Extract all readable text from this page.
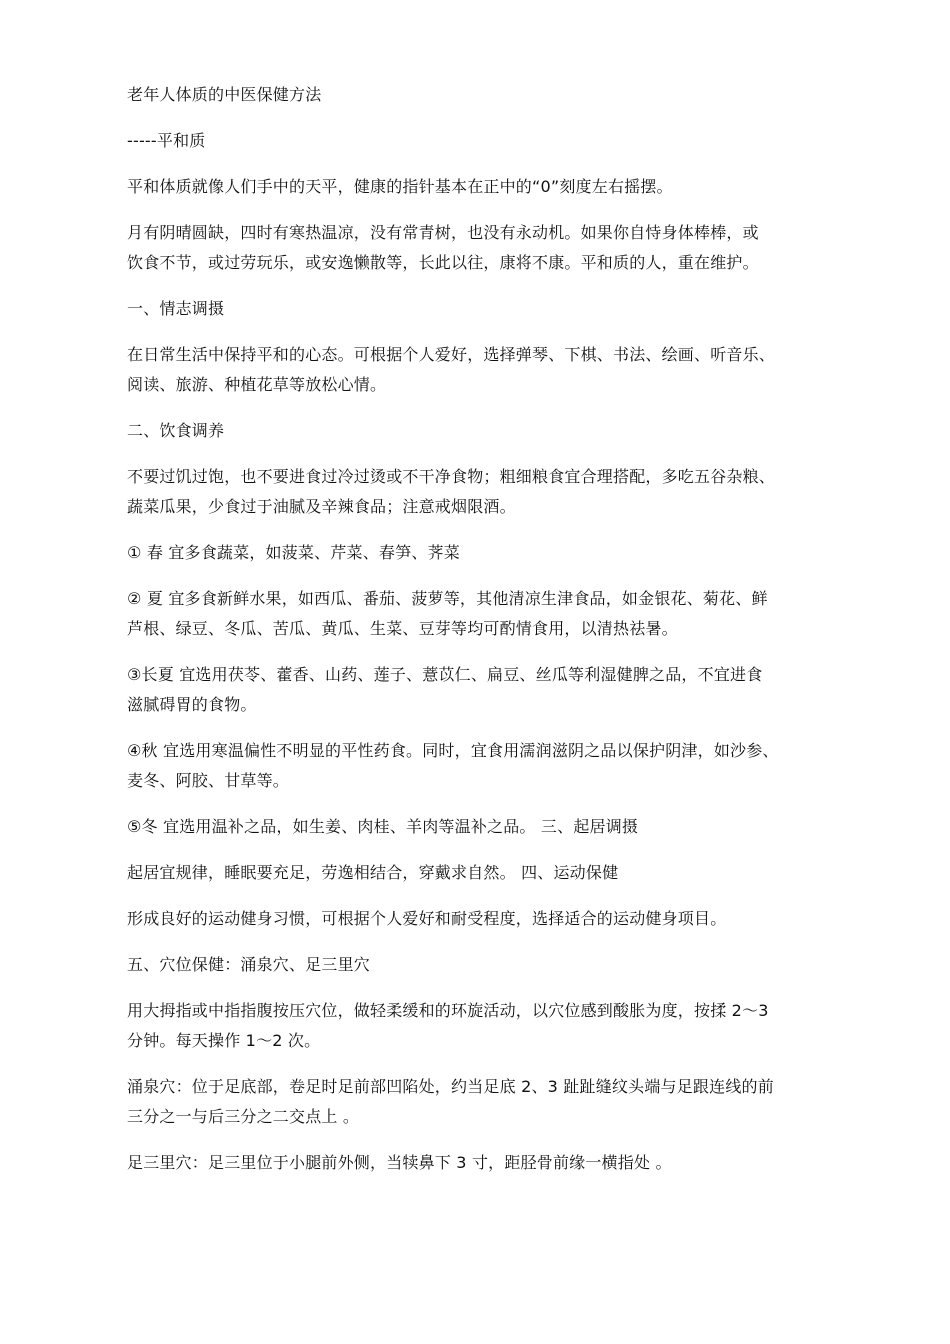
老年人体质的中医保健方法

-----平和质

平和体质就像人们手中的天平，健康的指针基本在正中的“0”刻度左右摇摆。

月有阴晴圆缺，四时有寒热温凉，没有常青树，也没有永动机。如果你自恃身体棒棒，或
饮食不节，或过劳玩乐，或安逸懒散等，长此以往，康将不康。平和质的人，重在维护。

一、情志调摄

在日常生活中保持平和的心态。可根据个人爱好，选择弹琴、下棋、书法、绘画、听音乐、
阅读、旅游、种植花草等放松心情。

二、饮食调养

不要过饥过饱，也不要进食过冷过烫或不干净食物；粗细粮食宜合理搭配，多吃五谷杂粮、
蔬菜瓜果，少食过于油腻及辛辣食品；注意戒烟限酒。

① 春 宜多食蔬菜，如菠菜、芹菜、春笋、荠菜

② 夏 宜多食新鲜水果，如西瓜、番茄、菠萝等，其他清凉生津食品，如金银花、菊花、鲜
芦根、绿豆、冬瓜、苦瓜、黄瓜、生菜、豆芽等均可酌情食用，以清热祛暑。

③长夏 宜选用茯苓、藿香、山药、莲子、薏苡仁、扁豆、丝瓜等利湿健脾之品，不宜进食
滋腻碍胃的食物。

④秋 宜选用寒温偏性不明显的平性药食。同时，宜食用濡润滋阴之品以保护阴津，如沙参、
麦冬、阿胶、甘草等。

⑤冬 宜选用温补之品，如生姜、肉桂、羊肉等温补之品。 三、起居调摄

起居宜规律，睡眠要充足，劳逸相结合，穿戴求自然。 四、运动保健

形成良好的运动健身习惯，可根据个人爱好和耐受程度，选择适合的运动健身项目。

五、穴位保健：涌泉穴、足三里穴

用大拇指或中指指腹按压穴位，做轻柔缓和的环旋活动，以穴位感到酸胀为度，按揉 2～3
分钟。每天操作 1～2 次。

涌泉穴：位于足底部，卷足时足前部凹陷处，约当足底 2、3 趾趾缝纹头端与足跟连线的前
三分之一与后三分之二交点上 。

足三里穴：足三里位于小腿前外侧，当犊鼻下 3 寸，距胫骨前缘一横指处 。
